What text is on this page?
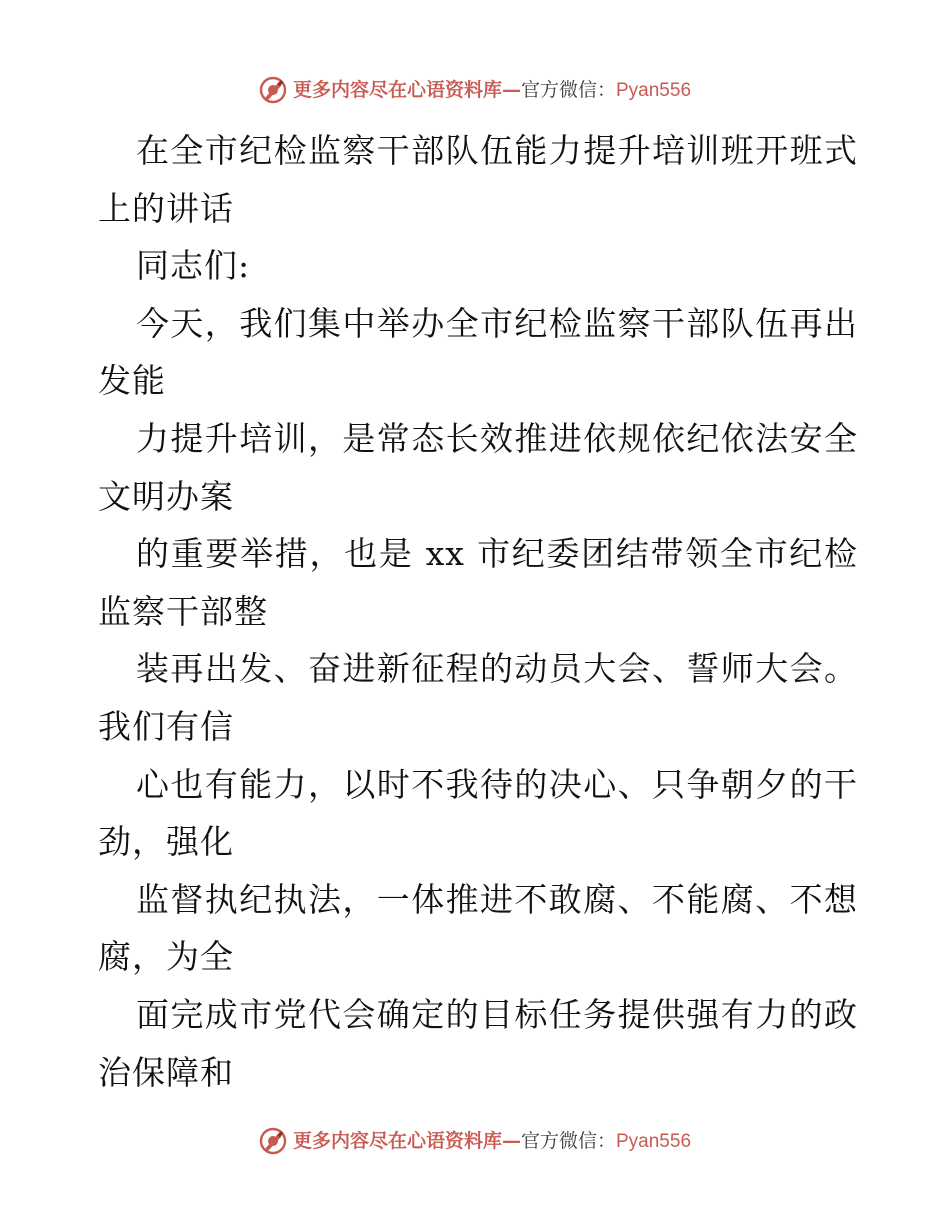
更多内容尽在心语资料库—官方微信：Pyan556

在全市纪检监察干部队伍能力提升培训班开班式上的讲话

同志们:

今天，我们集中举办全市纪检监察干部队伍再出发能

力提升培训，是常态长效推进依规依纪依法安全文明办案

的重要举措，也是 xx 市纪委团结带领全市纪检监察干部整

装再出发、奋进新征程的动员大会、誓师大会。我们有信

心也有能力，以时不我待的决心、只争朝夕的干劲，强化

监督执纪执法，一体推进不敢腐、不能腐、不想腐，为全

面完成市党代会确定的目标任务提供强有力的政治保障和

更多内容尽在心语资料库—官方微信：Pyan556
